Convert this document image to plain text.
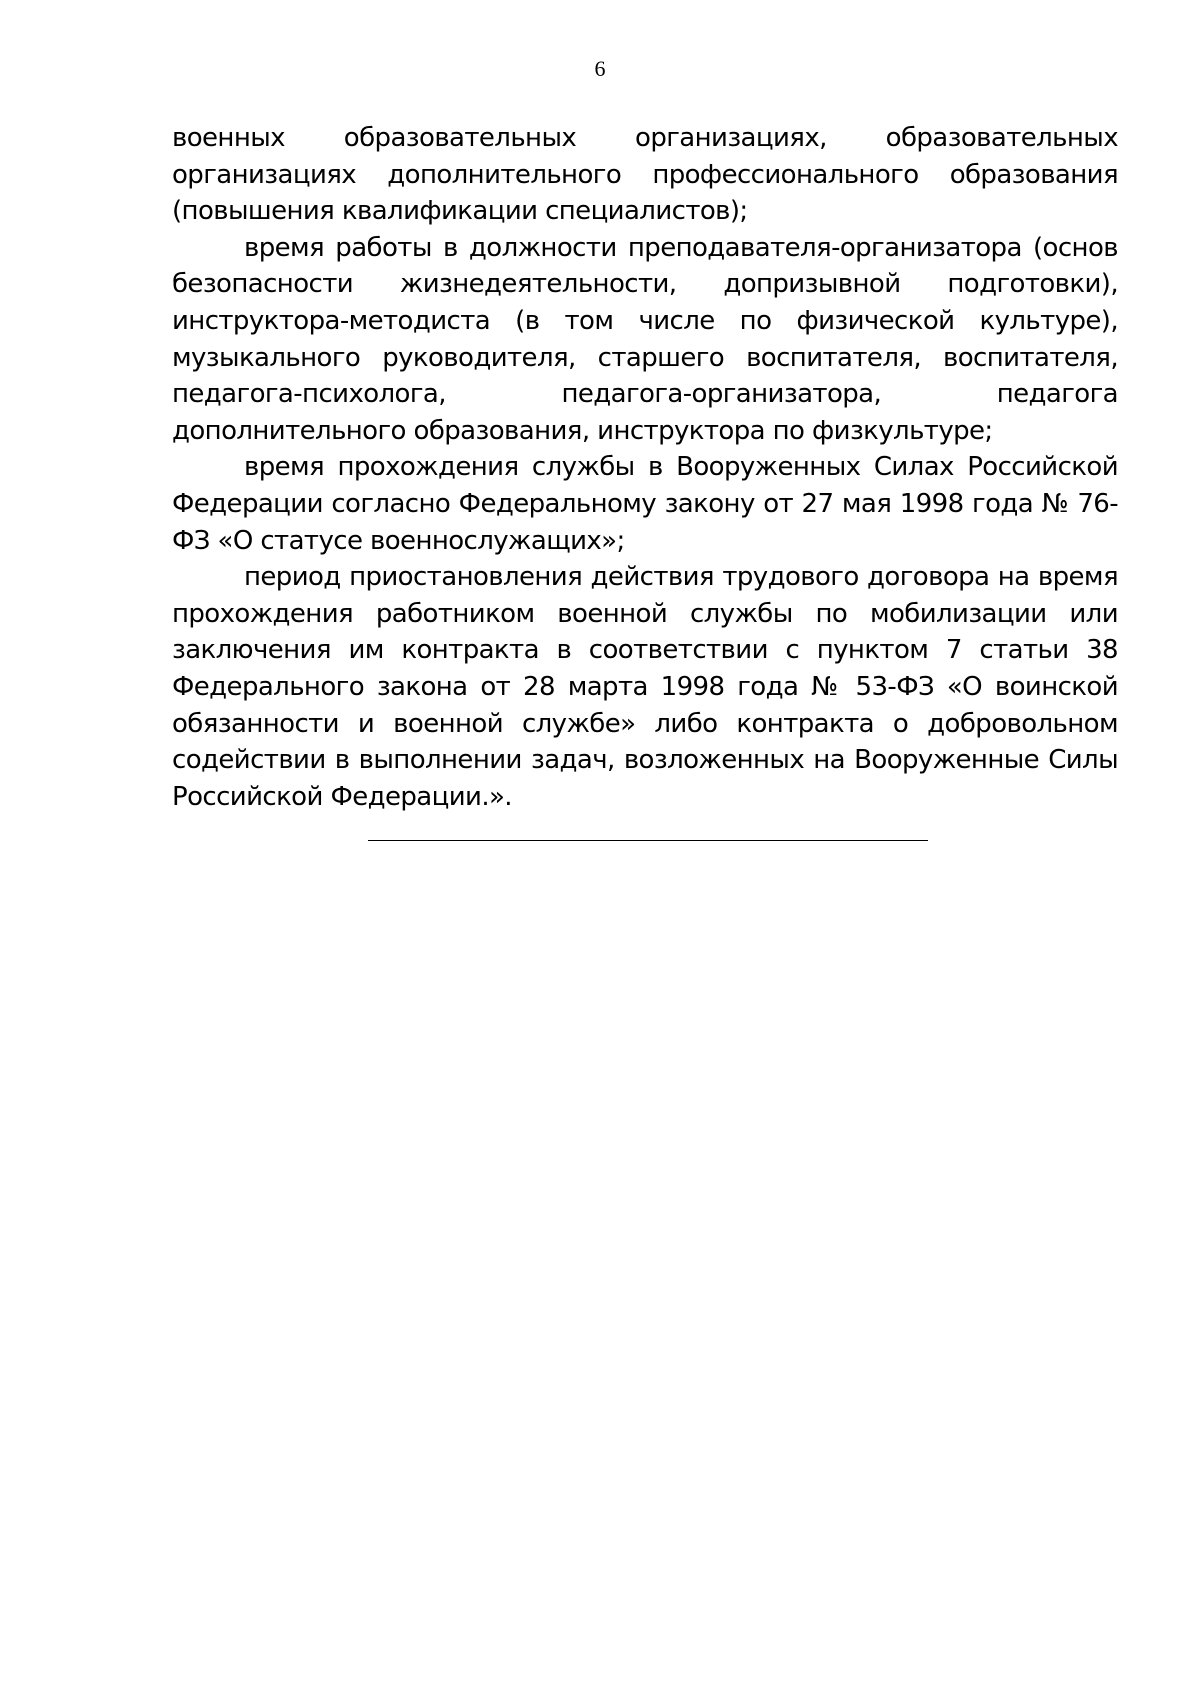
6

военных образовательных организациях, образовательных организациях дополнительного профессионального образования (повышения квалификации специалистов);

время работы в должности преподавателя-организатора (основ безопасности жизнедеятельности, допризывной подготовки), инструктора-методиста (в том числе по физической культуре), музыкального руководителя, старшего воспитателя, воспитателя, педагога-психолога, педагога-организатора, педагога дополнительного образования, инструктора по физкультуре;

время прохождения службы в Вооруженных Силах Российской Федерации согласно Федеральному закону от 27 мая 1998 года № 76-ФЗ «О статусе военнослужащих»;

период приостановления действия трудового договора на время прохождения работником военной службы по мобилизации или заключения им контракта в соответствии с пунктом 7 статьи 38 Федерального закона от 28 марта 1998 года № 53-ФЗ «О воинской обязанности и военной службе» либо контракта о добровольном содействии в выполнении задач, возложенных на Вооруженные Силы Российской Федерации.».
